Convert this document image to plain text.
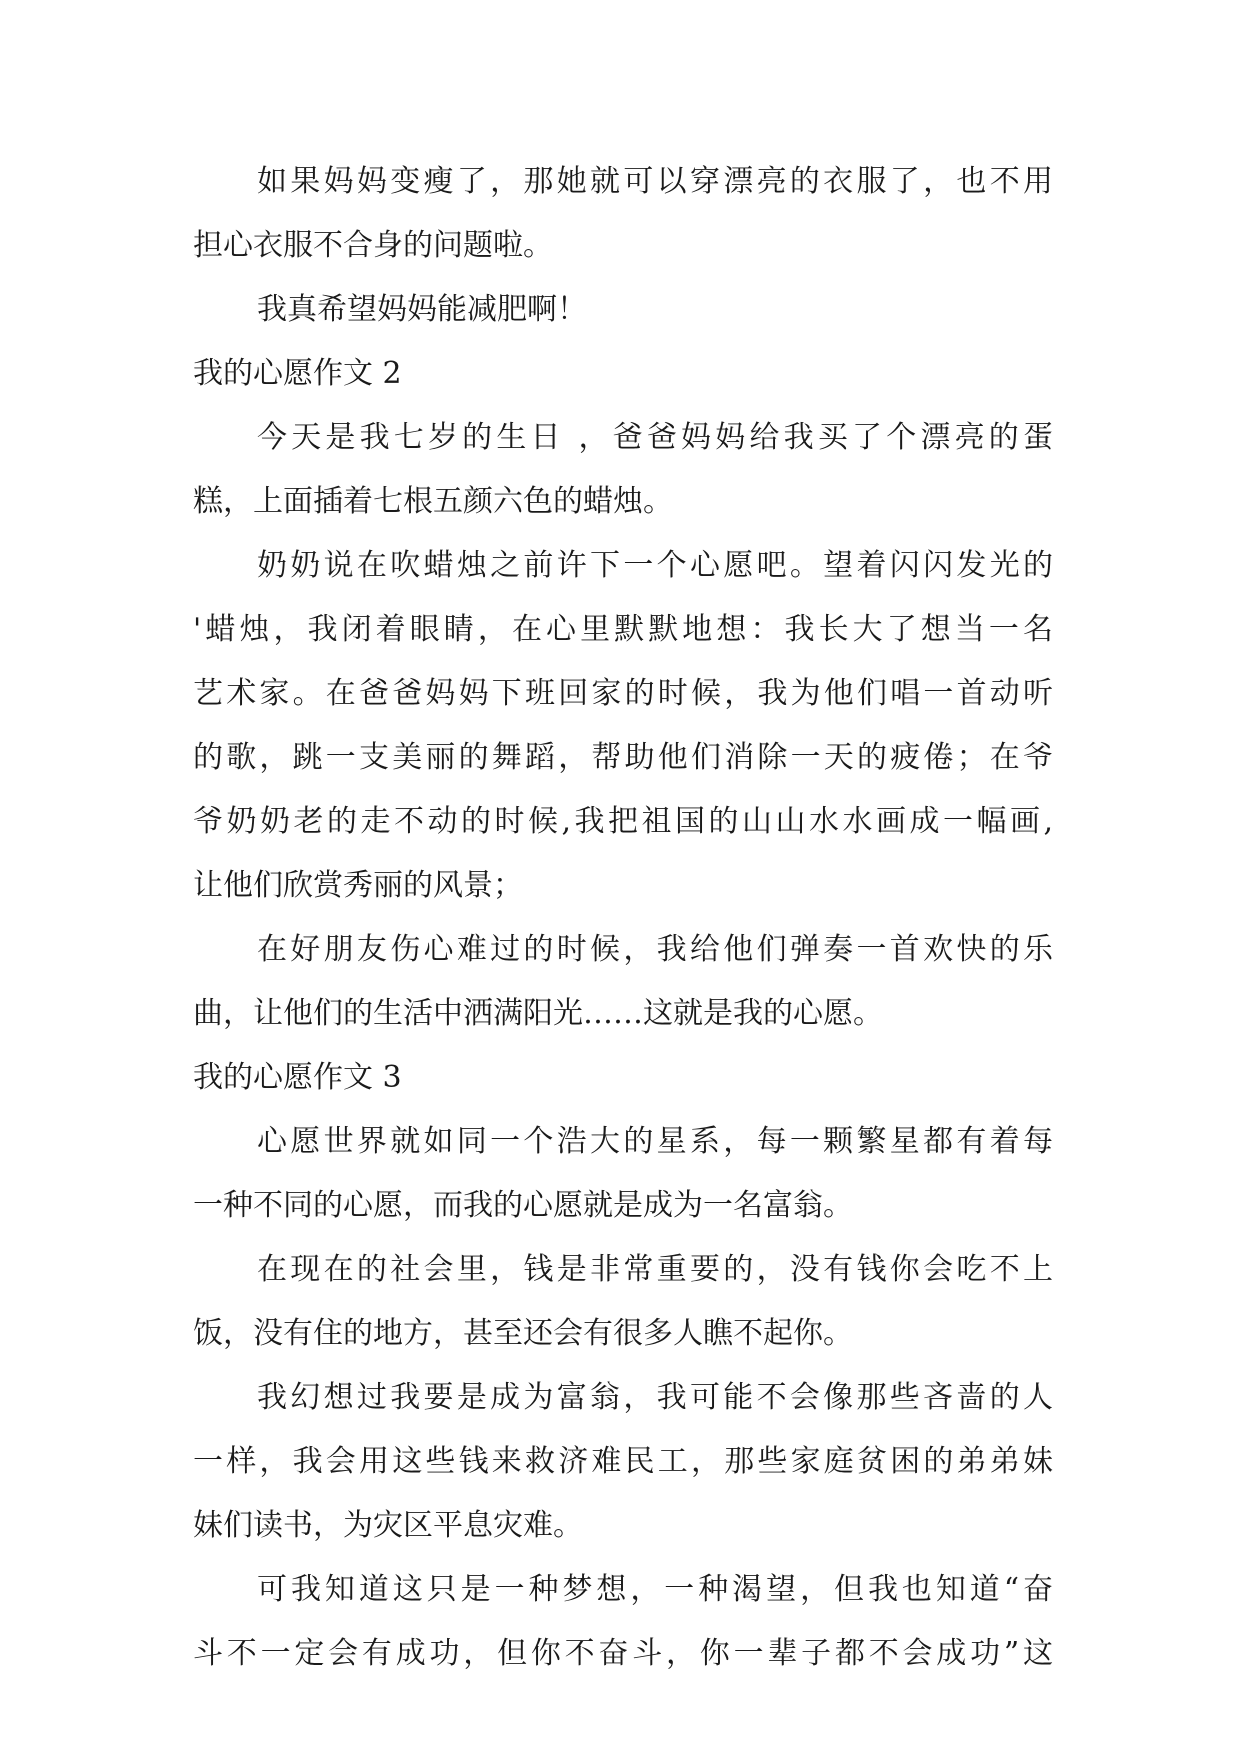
如果妈妈变瘦了，那她就可以穿漂亮的衣服了，也不用
担心衣服不合身的问题啦。
我真希望妈妈能减肥啊！
我的心愿作文 2
今天是我七岁的生日 ，爸爸妈妈给我买了个漂亮的蛋
糕，上面插着七根五颜六色的蜡烛。
奶奶说在吹蜡烛之前许下一个心愿吧。望着闪闪发光的
'蜡烛，我闭着眼睛，在心里默默地想：我长大了想当一名
艺术家。在爸爸妈妈下班回家的时候，我为他们唱一首动听
的歌，跳一支美丽的舞蹈，帮助他们消除一天的疲倦；在爷
爷奶奶老的走不动的时候,我把祖国的山山水水画成一幅画,
让他们欣赏秀丽的风景；
在好朋友伤心难过的时候，我给他们弹奏一首欢快的乐
曲，让他们的生活中洒满阳光……这就是我的心愿。
我的心愿作文 3
心愿世界就如同一个浩大的星系，每一颗繁星都有着每
一种不同的心愿，而我的心愿就是成为一名富翁。
在现在的社会里，钱是非常重要的，没有钱你会吃不上
饭，没有住的地方，甚至还会有很多人瞧不起你。
我幻想过我要是成为富翁，我可能不会像那些吝啬的人
一样，我会用这些钱来救济难民工，那些家庭贫困的弟弟妹
妹们读书，为灾区平息灾难。
可我知道这只是一种梦想，一种渴望，但我也知道“奋
斗不一定会有成功，但你不奋斗，你一辈子都不会成功”这
